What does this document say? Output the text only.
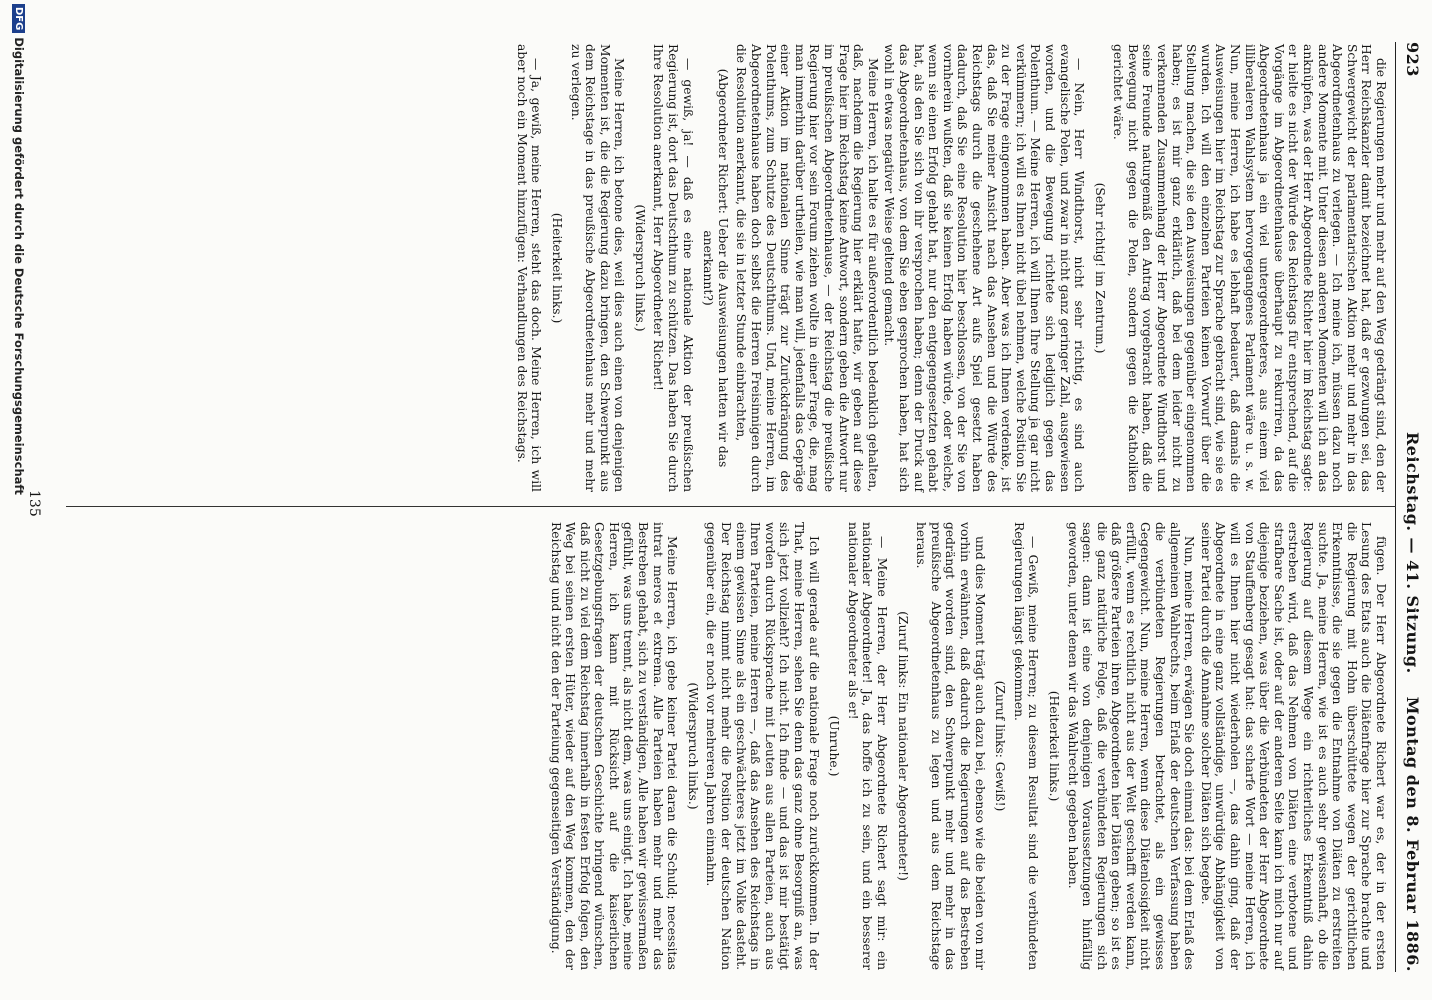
923
Reichstag. — 41. Sitzung.
Montag den 8. Februar 1886.

die Regierungen mehr und mehr auf den Weg gedrängt sind, den der Herr Reichskanzler damit bezeichnet hat, daß er gezwungen sei, das Schwergewicht der parlamentarischen Aktion mehr und mehr in das Abgeordnetenhaus zu verlegen. — Ich meine ich, müssen dazu noch andere Momente mit. Unter diesen anderen Momenten will ich an das anknüpfen, was der Herr Abgeordnete Richter hier im Reichstag sagte: er hielte es nicht der Würde des Reichstags für entsprechend, auf die Vorgänge im Abgeordnetenhause überhaupt zu rekurriren, da das Abgeordnetenhaus ja ein viel untergeordneteres, aus einem viel illiberaleren Wahlsystem hervorgegangenes Parlament wäre u. s. w. Nun, meine Herren, ich habe es lebhaft bedauert, daß damals die Ausweisungen hier im Reichstag zur Sprache gebracht sind, wie sie es wurden. Ich will den einzelnen Parteien keinen Vorwurf über die Stellung machen, die sie den Ausweisungen gegenüber eingenommen haben; es ist mir ganz erklärlich, daß bei dem leider nicht zu verkennenden Zusammenhang der Herr Abgeordnete Windthorst und seine Freunde naturgemäß den Antrag vorgebracht haben, daß die Bewegung nicht gegen die Polen, sondern gegen die Katholiken gerichtet wäre.

(Sehr richtig! im Zentrum.)

— Nein, Herr Windthorst, nicht sehr richtig, es sind auch evangelische Polen, und zwar in nicht ganz geringer Zahl, ausgewiesen worden, und die Bewegung richtete sich lediglich gegen das Polenthum. — Meine Herren, ich will Ihnen Ihre Stellung ja gar nicht verkümmern; ich will es Ihnen nicht übel nehmen, welche Position Sie zu der Frage eingenommen haben. Aber was ich Ihnen verdenke, ist das, daß Sie meiner Ansicht nach das Ansehen und die Würde des Reichstags durch die geschehene Art aufs Spiel gesetzt haben dadurch, daß Sie eine Resolution hier beschlossen, von der Sie von vornherein wußten, daß sie keinen Erfolg haben würde, oder welche, wenn sie einen Erfolg gehabt hat, nur den entgegengesetzten gehabt hat, als den Sie sich von ihr versprochen haben; denn der Druck auf das Abgeordnetenhaus, von dem Sie eben gesprochen haben, hat sich wohl in etwas negativer Weise geltend gemacht.

Meine Herren, ich halte es für außerordentlich bedenklich gehalten, daß, nachdem die Regierung hier erklärt hatte, wir geben auf diese Frage hier im Reichstag keine Antwort, sondern geben die Antwort nur im preußischen Abgeordnetenhause, — der Reichstag die preußische Regierung hier vor sein Forum ziehen wollte in einer Frage, die, mag man immerhin darüber urtheilen, wie man will, jedenfalls das Gepräge einer Aktion im nationalen Sinne trägt zur Zurückdrängung des Polenthums, zum Schutze des Deutschthums. Und, meine Herren, im Abgeordnetenhause haben doch selbst die Herren Freisinnigen durch die Resolution anerkannt, die sie in letzter Stunde einbrachten,

(Abgeordneter Richert: Ueber die Ausweisungen hatten wir das anerkannt?)

— gewiß, ja! — daß es eine nationale Aktion der preußischen Regierung ist, dort das Deutschthum zu schützen. Das haben Sie durch Ihre Resolution anerkannt, Herr Abgeordneter Richert!

(Widerspruch links.)

Meine Herren, ich betone dies, weil dies auch einen von denjenigen Momenten ist, die die Regierung dazu bringen, den Schwerpunkt aus dem Reichstage in das preußische Abgeordnetenhaus mehr und mehr zu verlegen.

(Heiterkeit links.)

— Ja, gewiß, meine Herren, steht das doch. Meine Herren, ich will aber noch ein Moment hinzufügen: Verhandlungen des Reichstags.

fügen. Der Herr Abgeordnete Richert war es, der in der ersten Lesung des Etats auch die Diätenfrage hier zur Sprache brachte und die Regierung mit Hohn überschüttete wegen der gerichtlichen Erkenntnisse, die sie gegen die Entnahme von Diäten zu erstreiten suchte. Ja, meine Herren, wie ist es auch sehr gewissenhaft, ob die Regierung auf diesem Wege ein richterliches Erkenntniß dahin erstreben wird, daß das Nehmen von Diäten eine verbotene und strafbare Sache ist, oder auf der anderen Seite kann ich mich nur auf diejenige beziehen, was über die Verbündeten der Herr Abgeordnete von Stauffenberg gesagt hat: das scharfe Wort — meine Herren, ich will es Ihnen hier nicht wiederholen —, das dahin ging, daß der Abgeordnete in eine ganz vollständige, unwürdige Abhängigkeit von seiner Partei durch die Annahme solcher Diäten sich begebe.

Nun, meine Herren, erwägen Sie doch einmal das: bei dem Erlaß des allgemeinen Wahlrechts, beim Erlaß der deutschen Verfassung haben die verbündeten Regierungen betrachtet, als ein gewisses Gegengewicht. Nun, meine Herren, wenn diese Diätenlosigkeit nicht erfüllt, wenn es rechtlich nicht aus der Welt geschafft werden kann, daß größere Parteien ihren Abgeordneten hier Diäten geben; so ist es die ganz natürliche Folge, daß die verbündeten Regierungen sich sagen: dann ist eine von denjenigen Voraussetzungen hinfällig geworden, unter denen wir das Wahlrecht gegeben haben.

(Heiterkeit links.)

— Gewiß, meine Herren; zu diesem Resultat sind die verbündeten Regierungen längst gekommen.

(Zuruf links: Gewiß!)

und dies Moment trägt auch dazu bei, ebenso wie die beiden von mir vorhin erwähnten, daß dadurch die Regierungen auf das Bestreben gedrängt worden sind, den Schwerpunkt mehr und mehr in das preußische Abgeordnetenhaus zu legen und aus dem Reichstage heraus.

(Zuruf links: Ein nationaler Abgeordneter!)

— Meine Herren, der Herr Abgeordnete Richert sagt mir: ein nationaler Abgeordneter! Ja, das hoffe ich zu sein, und ein besserer nationaler Abgeordneter als er!

(Unruhe.)

Ich will gerade auf die nationale Frage noch zurückkommen. In der That, meine Herren, sehen Sie denn das ganz ohne Besorgniß an, was sich jetzt vollzieht? Ich nicht. Ich finde — und das ist mir bestätigt worden durch Rücksprache mit Leuten aus allen Parteien, auch aus Ihren Parteien, meine Herren —, daß das Ansehen des Reichstags in einem gewissen Sinne als ein geschwächteres jetzt im Volke dasteht. Der Reichstag nimmt nicht mehr die Position der deutschen Nation gegenüber ein, die er noch vor mehreren Jahren einnahm.

(Widerspruch links.)

Meine Herren, ich gebe keiner Partei daran die Schuld; necessitas intrat meros et extrema. Alle Parteien haben mehr und mehr das Bestreben gehabt, sich zu verständigen, Alle haben wir gewissermaßen gefühlt, was uns trennt, als nicht dem, was uns einigt. Ich habe, meine Herren, ich kann mit Rücksicht auf die kaiserlichen Gesetzgebungsfragen der deutschen Geschichte bringend wünschen, daß nicht zu viel dem Reichstag innerhalb in festen Erfolg folgen, den Weg bei seinen ersten Hüter, wieder auf den Weg kommen, den der Reichstag und nicht den der Parteiung gegenseitigen Verständigung.

135
DFGDigitalisierung gefördert durch die Deutsche Forschungsgemeinschaft
